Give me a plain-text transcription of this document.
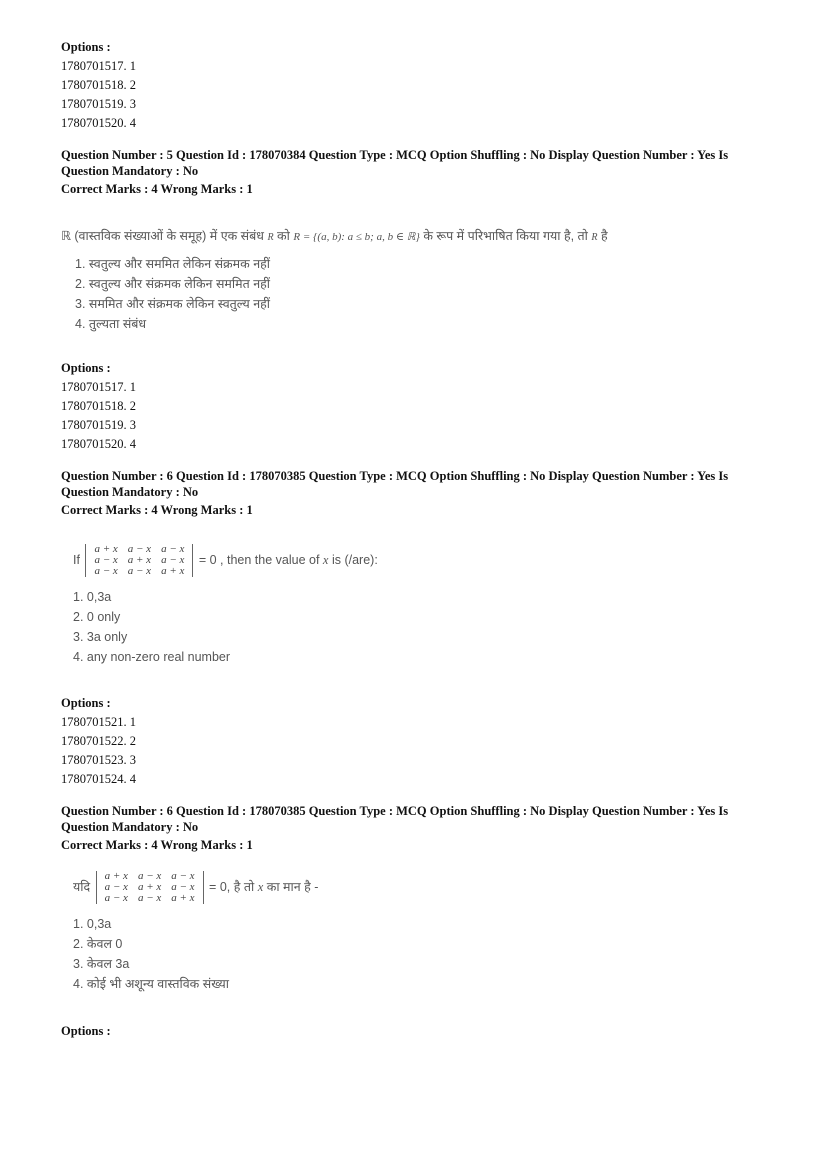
Options :
1780701517. 1
1780701518. 2
1780701519. 3
1780701520. 4
Question Number : 5 Question Id : 178070384 Question Type : MCQ Option Shuffling : No Display Question Number : Yes Is
Question Mandatory : No
Correct Marks : 4 Wrong Marks : 1
ℝ (वास्तविक संख्याओं के समूह) में एक संबंध R को R = {(a, b): a ≤ b; a, b ∈ ℝ} के रूप में परिभाषित किया गया है, तो R है
1. स्वतुल्य और सममित लेकिन संक्रमक नहीं
2. स्वतुल्य और संक्रमक लेकिन सममित नहीं
3. सममित और संक्रमक लेकिन स्वतुल्य नहीं
4. तुल्यता संबंध
Options :
1780701517. 1
1780701518. 2
1780701519. 3
1780701520. 4
Question Number : 6 Question Id : 178070385 Question Type : MCQ Option Shuffling : No Display Question Number : Yes Is
Question Mandatory : No
Correct Marks : 4 Wrong Marks : 1
If
a + x	a − x	a − x
a − x	a + x	a − x
a − x	a − x	a + x
= 0 , then the value of x is (/are):
1. 0,3a
2. 0 only
3. 3a only
4. any non-zero real number
Options :
1780701521. 1
1780701522. 2
1780701523. 3
1780701524. 4
Question Number : 6 Question Id : 178070385 Question Type : MCQ Option Shuffling : No Display Question Number : Yes Is
Question Mandatory : No
Correct Marks : 4 Wrong Marks : 1
यदि
a + x	a − x	a − x
a − x	a + x	a − x
a − x	a − x	a + x
= 0, है तो x का मान है -
1. 0,3a
2. केवल 0
3. केवल 3a
4. कोई भी अशून्य वास्तविक संख्या
Options :
